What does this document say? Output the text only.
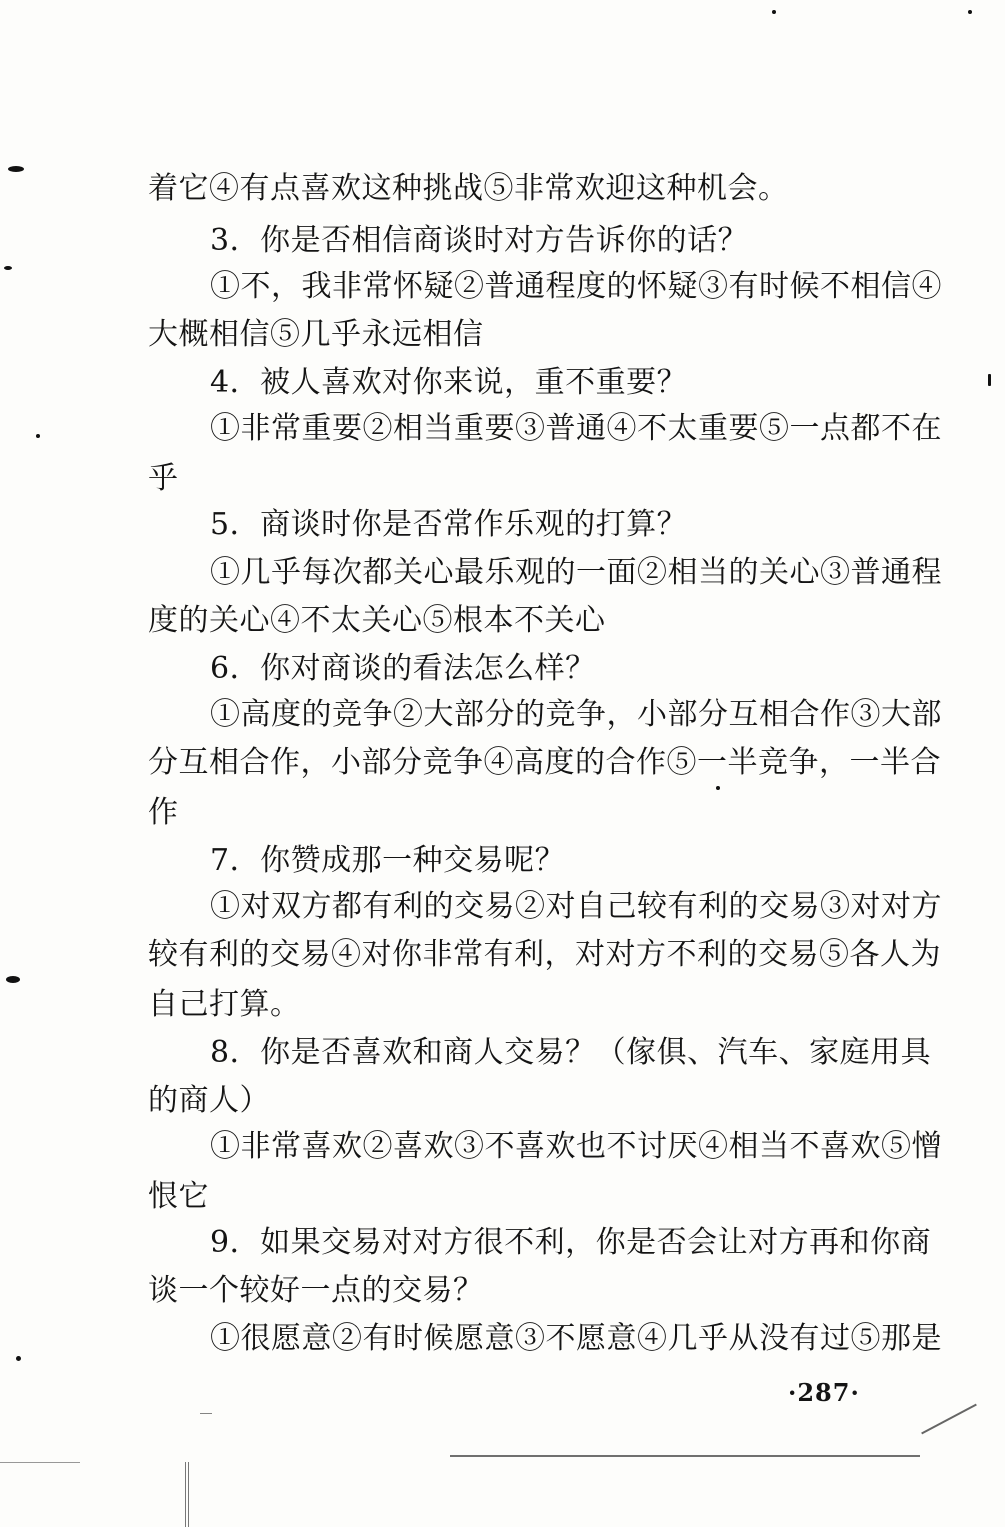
着它④有点喜欢这种挑战⑤非常欢迎这种机会。
3．你是否相信商谈时对方告诉你的话？
①不，我非常怀疑②普通程度的怀疑③有时候不相信④
大概相信⑤几乎永远相信
4．被人喜欢对你来说，重不重要？
①非常重要②相当重要③普通④不太重要⑤一点都不在
乎
5．商谈时你是否常作乐观的打算？
①几乎每次都关心最乐观的一面②相当的关心③普通程
度的关心④不太关心⑤根本不关心
6．你对商谈的看法怎么样？
①高度的竞争②大部分的竞争，小部分互相合作③大部
分互相合作，小部分竞争④高度的合作⑤一半竞争，一半合
作
7．你赞成那一种交易呢？
①对双方都有利的交易②对自己较有利的交易③对对方
较有利的交易④对你非常有利，对对方不利的交易⑤各人为
自己打算。
8．你是否喜欢和商人交易？（傢俱、汽车、家庭用具
的商人）
①非常喜欢②喜欢③不喜欢也不讨厌④相当不喜欢⑤憎
恨它
9．如果交易对对方很不利，你是否会让对方再和你商
谈一个较好一点的交易？
①很愿意②有时候愿意③不愿意④几乎从没有过⑤那是
·287·
